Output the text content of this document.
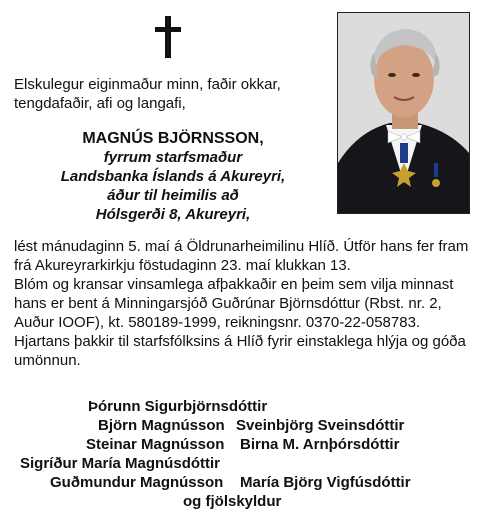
Elskulegur eiginmaður minn, faðir okkar,
tengdafaðir, afi og langafi,
MAGNÚS BJÖRNSSON,
fyrrum starfsmaður
Landsbanka Íslands á Akureyri,
áður til heimilis að
Hólsgerði 8, Akureyri,

lést mánudaginn 5. maí á Öldrunarheimilinu Hlíð. Útför hans fer fram frá Akureyrarkirkju föstudaginn 23. maí klukkan 13.

Blóm og kransar vinsamlega afþakkaðir en þeim sem vilja minnast hans er bent á Minningarsjóð Guðrúnar Björnsdóttur (Rbst. nr. 2, Auður IOOF), kt. 580189-1999, reikningsnr. 0370-22-058783.

Hjartans þakkir til starfsfólksins á Hlíð fyrir einstaklega hlýja og góða umönnun.

Þórunn Sigurbjörnsdóttir
Björn Magnússon Sveinbjörg Sveinsdóttir
Steinar Magnússon Birna M. Arnþórsdóttir
Sigríður María Magnúsdóttir
Guðmundur Magnússon María Björg Vigfúsdóttir
og fjölskyldur
